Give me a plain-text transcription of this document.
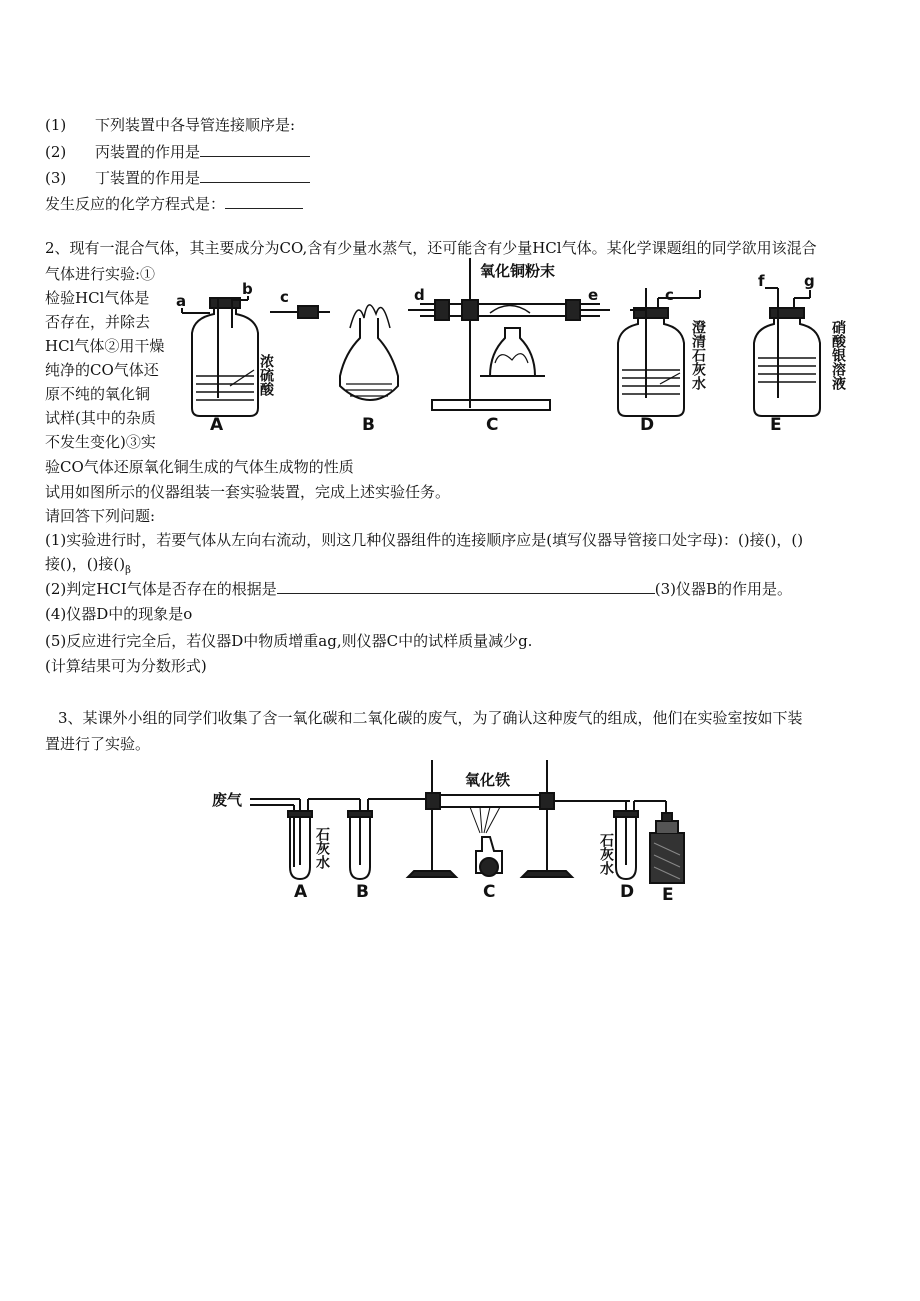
(1) 下列装置中各导管连接顺序是:
(2) 丙装置的作用是
(3) 丁装置的作用是
发生反应的化学方程式是：
2、现有一混合气体，其主要成分为CO,含有少量水蒸气，还可能含有少量HCl气体。某化学课题组的同学欲用该混合
气体进行实验:①
检验HCl气体是
否存在，并除去
HCl气体②用干燥
纯净的CO气体还
原不纯的氧化铜
试样(其中的杂质
不发生变化)③实
验CO气体还原氧化铜生成的气体生成物的性质
试用如图所示的仪器组装一套实验装置，完成上述实验任务。
请回答下列问题:
(1)实验进行时，若要气体从左向右流动，则这几种仪器组件的连接顺序应是(填写仪器导管接口处字母)：()接()，()
接()，()接$()_\beta$
(2)判定HCI气体是否存在的根据是	(3)仪器B的作用是。
(4)仪器D中的现象是o
(5)反应进行完全后，若仪器D中物质增重ag,则仪器C中的试样质量减少g.
(计算结果可为分数形式)
a
b c	d	e	c
f	g
氧化铜粉末
浓硫酸	澄清石灰水	硝酸银溶液
A	B	C	D	E
3、某课外小组的同学们收集了含一氧化碳和二氧化碳的废气，为了确认这种废气的组成，他们在实验室按如下装
置进行了实验。
废气
氧化铁
石灰水	石灰水
A	B	C	D E
